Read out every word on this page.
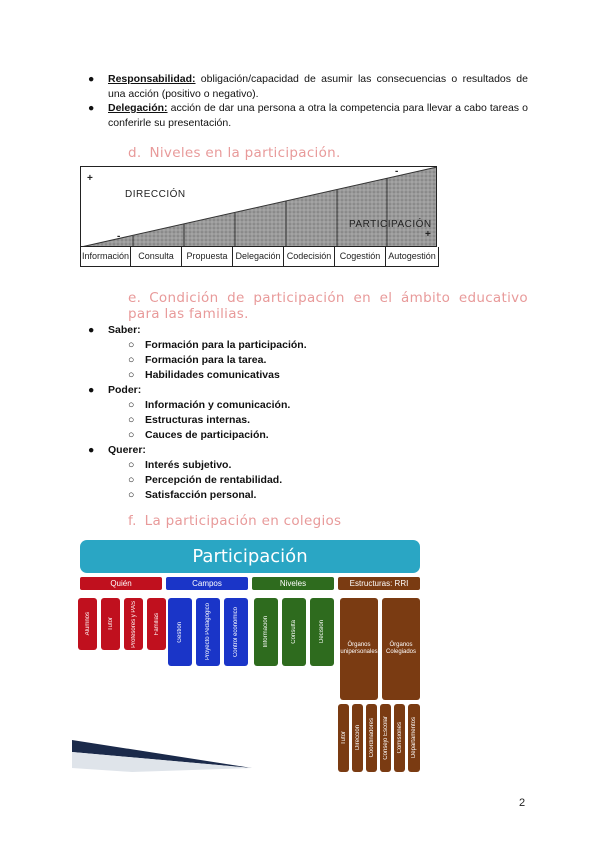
● Responsabilidad: obligación/capacidad de asumir las consecuencias o resultados de una acción (positivo o negativo).
● Delegación: acción de dar una persona a otra la competencia para llevar a cabo tareas o conferirle su presentación.
d. Niveles en la participación.
+
-
DIRECCIÓN
PARTICIPACIÓN
-	+
Información	Consulta	Propuesta Delegación Codecisión Cogestión Autogestión
e. Condición de participación en el ámbito educativo para las familias.
● Saber:
○ Formación para la participación.
○ Formación para la tarea.
○ Habilidades comunicativas
● Poder:
○ Información y comunicación.
○ Estructuras internas.
○ Cauces de participación.
● Querer:
○ Interés subjetivo.
○ Percepción de rentabilidad.
○ Satisfacción personal.
f. La participación en colegios
Participación
Quién	Campos	Niveles	Estructuras: RRI
Alumnos	Tutor	Profesores y PAS	Familias	Gestión	Proyecto Pedagógico	Control económico	Información	Consulta	Decisión
Órganos unipersonales
Órganos Colegiados
Tutor Dirección Coordinadores Consejo Escolar Comisiones Departamentos
2
